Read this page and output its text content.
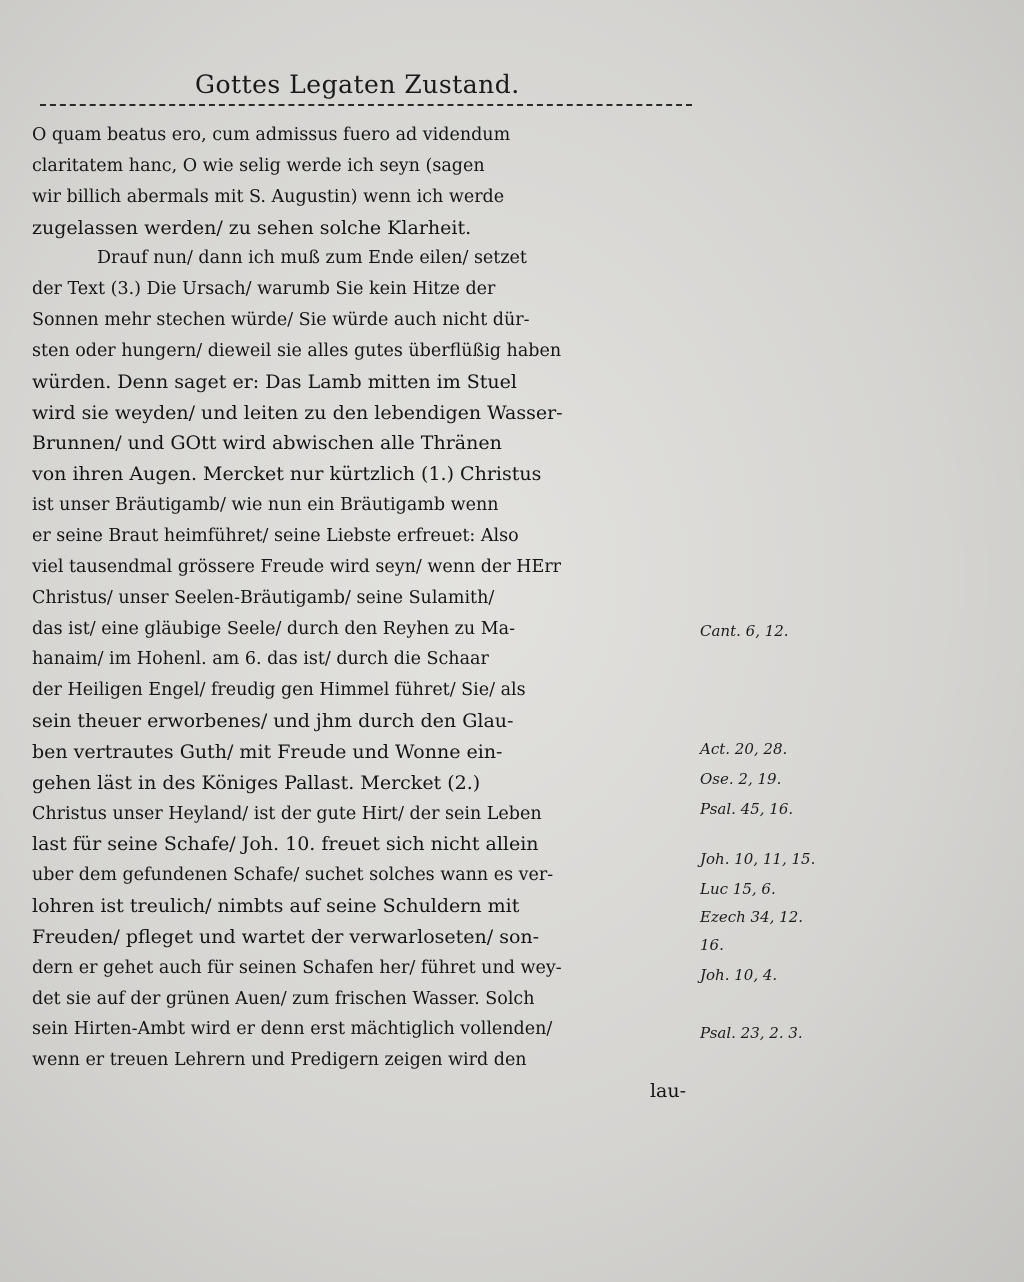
Gottes Legaten Zustand.
O quam beatus ero, cum admissus fuero ad videndum
claritatem hanc, O wie selig werde ich seyn (sagen
wir billich abermals mit S. Augustin) wenn ich werde
zugelassen werden/ zu sehen solche Klarheit.
Drauf nun/ dann ich muß zum Ende eilen/ setzet
der Text (3.) Die Ursach/ warumb Sie kein Hitze der
Sonnen mehr stechen würde/ Sie würde auch nicht dür-
sten oder hungern/ dieweil sie alles gutes überflüßig haben
würden. Denn saget er: Das Lamb mitten im Stuel
wird sie weyden/ und leiten zu den lebendigen Wasser-
Brunnen/ und GOtt wird abwischen alle Thränen
von ihren Augen. Mercket nur kürtzlich (1.) Christus
ist unser Bräutigamb/ wie nun ein Bräutigamb wenn
er seine Braut heimführet/ seine Liebste erfreuet: Also
viel tausendmal grössere Freude wird seyn/ wenn der HErr
Christus/ unser Seelen-Bräutigamb/ seine Sulamith/
das ist/ eine gläubige Seele/ durch den Reyhen zu Ma-
hanaim/ im Hohenl. am 6. das ist/ durch die Schaar
der Heiligen Engel/ freudig gen Himmel führet/ Sie/ als
sein theuer erworbenes/ und jhm durch den Glau-
ben vertrautes Guth/ mit Freude und Wonne ein-
gehen läst in des Königes Pallast. Mercket (2.)
Christus unser Heyland/ ist der gute Hirt/ der sein Leben
last für seine Schafe/ Joh. 10. freuet sich nicht allein
uber dem gefundenen Schafe/ suchet solches wann es ver-
lohren ist treulich/ nimbts auf seine Schuldern mit
Freuden/ pfleget und wartet der verwarloseten/ son-
dern er gehet auch für seinen Schafen her/ führet und wey-
det sie auf der grünen Auen/ zum frischen Wasser. Solch
sein Hirten-Ambt wird er denn erst mächtiglich vollenden/
wenn er treuen Lehrern und Predigern zeigen wird den
lau-
Cant. 6, 12.
Act. 20, 28.
Ose. 2, 19.
Psal. 45, 16.
Joh. 10, 11, 15.
Luc 15, 6.
Ezech 34, 12.
16.
Joh. 10, 4.
Psal. 23, 2. 3.
